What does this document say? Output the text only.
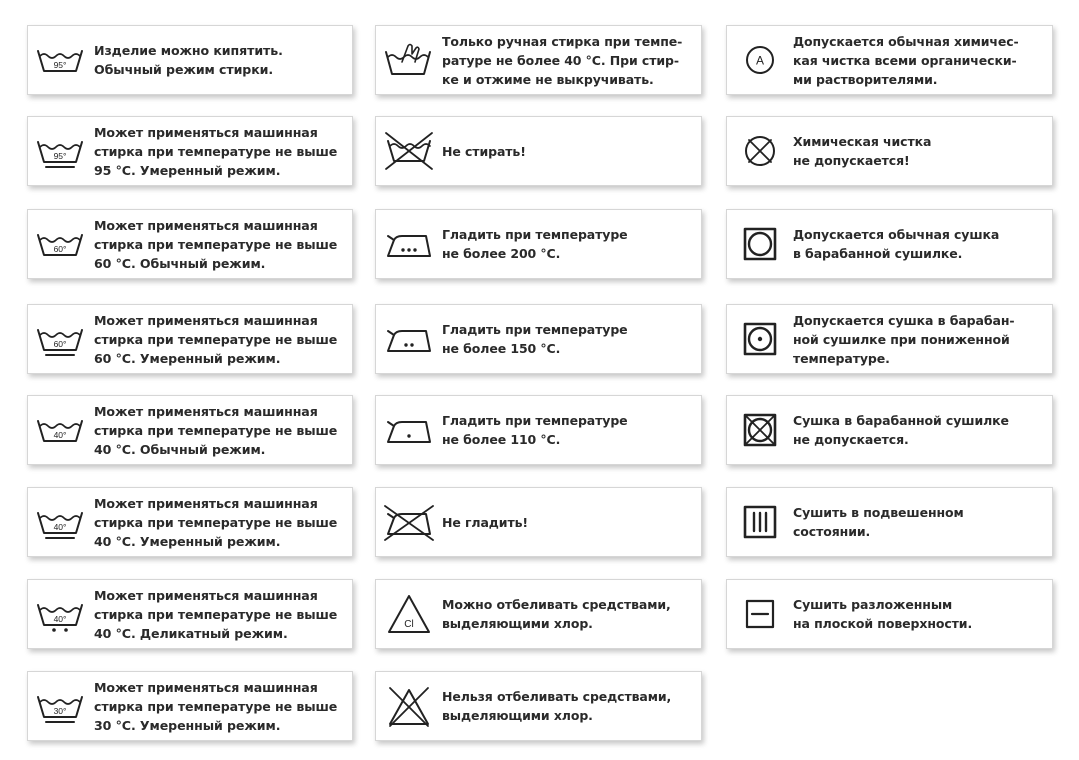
95°
Изделие можно кипятить.
Обычный режим стирки.
95°
Может применяться машинная
стирка при температуре не выше
95 °C. Умеренный режим.
60°
Может применяться машинная
стирка при температуре не выше
60 °C. Обычный режим.
60°
Может применяться машинная
стирка при температуре не выше
60 °C. Умеренный режим.
40°
Может применяться машинная
стирка при температуре не выше
40 °C. Обычный режим.
40°
Может применяться машинная
стирка при температуре не выше
40 °C. Умеренный режим.
40°
Может применяться машинная
стирка при температуре не выше
40 °C. Деликатный режим.
30°
Может применяться машинная
стирка при температуре не выше
30 °C. Умеренный режим.
Только ручная стирка при темпе-
ратуре не более 40 °C. При стир-
ке и отжиме не выкручивать.
Не стирать!
Гладить при температуре
не более 200 °C.
Гладить при температуре
не более 150 °C.
Гладить при температуре
не более 110 °C.
Не гладить!
Cl
Можно отбеливать средствами,
выделяющими хлор.
Нельзя отбеливать средствами,
выделяющими хлор.
A
Допускается обычная химичес-
кая чистка всеми органически-
ми растворителями.
Химическая чистка
не допускается!
Допускается обычная сушка
в барабанной сушилке.
Допускается сушка в барабан-
ной сушилке при пониженной
температуре.
Сушка в барабанной сушилке
не допускается.
Сушить в подвешенном
состоянии.
Сушить разложенным
на плоской поверхности.
